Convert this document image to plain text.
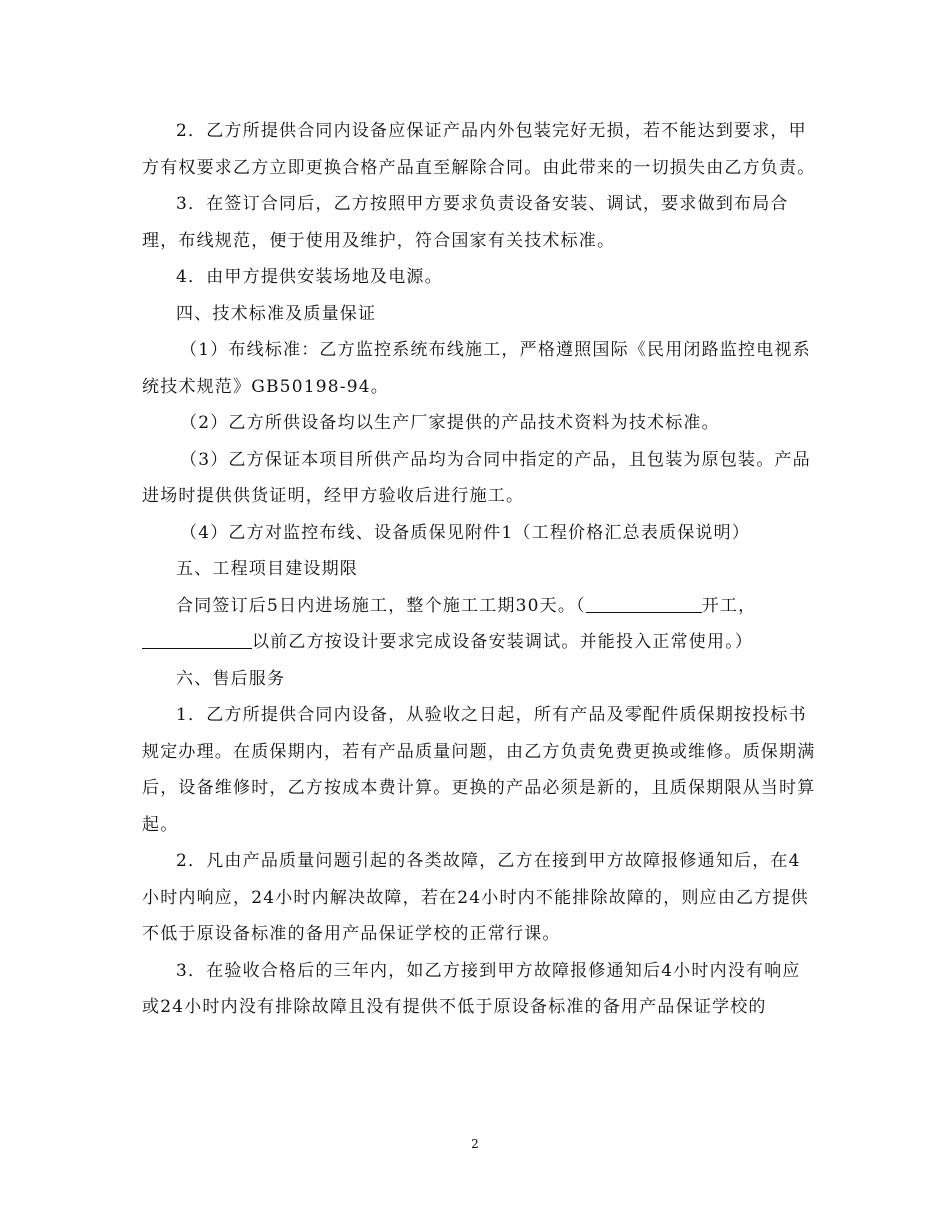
2．乙方所提供合同内设备应保证产品内外包装完好无损，若不能达到要求，甲方有权要求乙方立即更换合格产品直至解除合同。由此带来的一切损失由乙方负责。

3．在签订合同后，乙方按照甲方要求负责设备安装、调试，要求做到布局合理，布线规范，便于使用及维护，符合国家有关技术标准。

4．由甲方提供安装场地及电源。

四、技术标准及质量保证

（1）布线标准：乙方监控系统布线施工，严格遵照国际《民用闭路监控电视系统技术规范》GB50198-94。

（2）乙方所供设备均以生产厂家提供的产品技术资料为技术标准。

（3）乙方保证本项目所供产品均为合同中指定的产品，且包装为原包装。产品进场时提供供货证明，经甲方验收后进行施工。

（4）乙方对监控布线、设备质保见附件1（工程价格汇总表质保说明）

五、工程项目建设期限

合同签订后5日内进场施工，整个施工工期30天。（	开工，以前乙方按设计要求完成设备安装调试。并能投入正常使用。）

六、售后服务

1．乙方所提供合同内设备，从验收之日起，所有产品及零配件质保期按投标书规定办理。在质保期内，若有产品质量问题，由乙方负责免费更换或维修。质保期满后，设备维修时，乙方按成本费计算。更换的产品必须是新的，且质保期限从当时算起。

2．凡由产品质量问题引起的各类故障，乙方在接到甲方故障报修通知后，在4小时内响应，24小时内解决故障，若在24小时内不能排除故障的，则应由乙方提供不低于原设备标准的备用产品保证学校的正常行课。

3．在验收合格后的三年内，如乙方接到甲方故障报修通知后4小时内没有响应或24小时内没有排除故障且没有提供不低于原设备标准的备用产品保证学校的

2
